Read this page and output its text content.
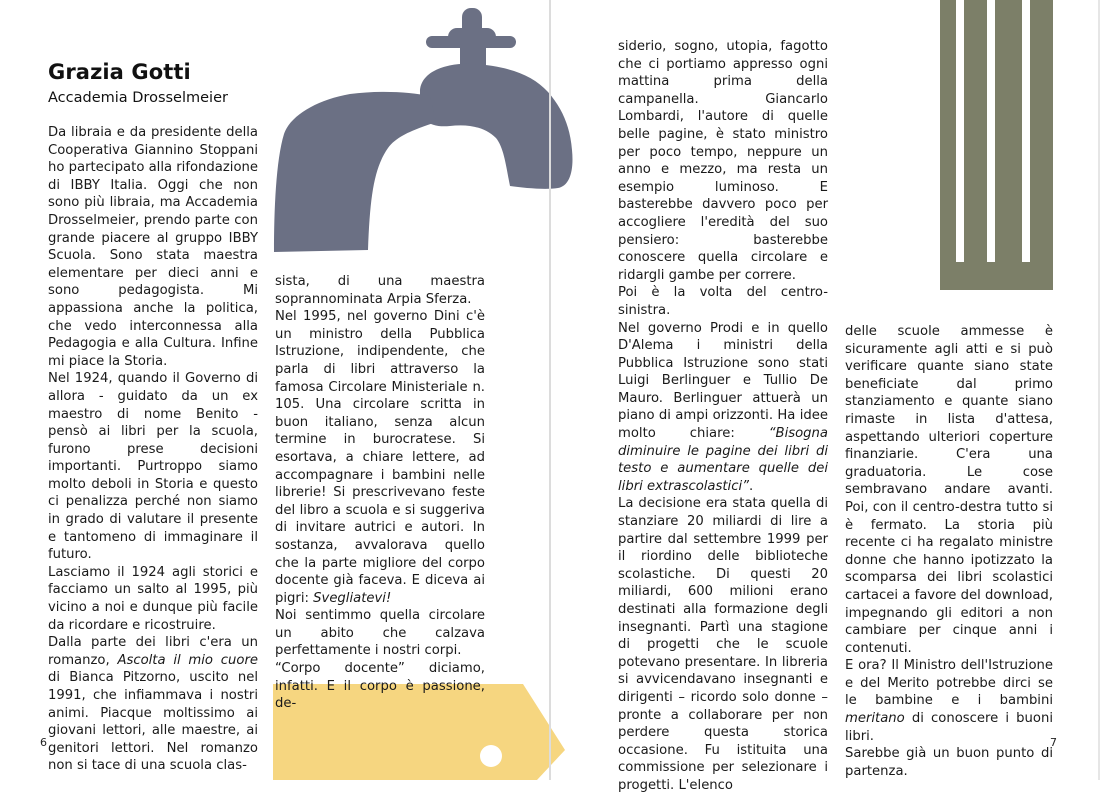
Grazia Gotti
Accademia Drosselmeier

Da libraia e da presidente della Cooperativa Giannino Stoppani ho partecipato alla rifondazione di IBBY Italia. Oggi che non sono più libraia, ma Accademia Drosselmeier, prendo parte con grande piacere al gruppo IBBY Scuola. Sono stata maestra elementare per dieci anni e sono pedagogista. Mi appassiona anche la politica, che vedo interconnessa alla Pedagogia e alla Cultura. Infine mi piace la Storia.

Nel 1924, quando il Governo di allora - guidato da un ex maestro di nome Benito - pensò ai libri per la scuola, furono prese decisioni importanti. Purtroppo siamo molto deboli in Storia e questo ci penalizza perché non siamo in grado di valutare il presente e tantomeno di immaginare il futuro.

Lasciamo il 1924 agli storici e facciamo un salto al 1995, più vicino a noi e dunque più facile da ricordare e ricostruire.

Dalla parte dei libri c'era un romanzo, Ascolta il mio cuore di Bianca Pitzorno, uscito nel 1991, che infiammava i nostri animi. Piacque moltissimo ai giovani lettori, alle maestre, ai genitori lettori. Nel romanzo non si tace di una scuola clas-

sista, di una maestra soprannominata Arpia Sferza.

Nel 1995, nel governo Dini c'è un ministro della Pubblica Istruzione, indipendente, che parla di libri attraverso la famosa Circolare Ministeriale n. 105. Una circolare scritta in buon italiano, senza alcun termine in burocratese. Si esortava, a chiare lettere, ad accompagnare i bambini nelle librerie! Si prescrivevano feste del libro a scuola e si suggeriva di invitare autrici e autori. In sostanza, avvalorava quello che la parte migliore del corpo docente già faceva. E diceva ai pigri: Svegliatevi!

Noi sentimmo quella circolare un abito che calzava perfettamente i nostri corpi.

“Corpo docente” diciamo, infatti. E il corpo è passione, de-

siderio, sogno, utopia, fagotto che ci portiamo appresso ogni mattina prima della campanella. Giancarlo Lombardi, l'autore di quelle belle pagine, è stato ministro per poco tempo, neppure un anno e mezzo, ma resta un esempio luminoso. E basterebbe davvero poco per accogliere l'eredità del suo pensiero: basterebbe conoscere quella circolare e ridargli gambe per correre.

Poi è la volta del centro-sinistra.

Nel governo Prodi e in quello D'Alema i ministri della Pubblica Istruzione sono stati Luigi Berlinguer e Tullio De Mauro. Berlinguer attuerà un piano di ampi orizzonti. Ha idee molto chiare: “Bisogna diminuire le pagine dei libri di testo e aumentare quelle dei libri extrascolastici”.

La decisione era stata quella di stanziare 20 miliardi di lire a partire dal settembre 1999 per il riordino delle biblioteche scolastiche. Di questi 20 miliardi, 600 milioni erano destinati alla formazione degli insegnanti. Partì una stagione di progetti che le scuole potevano presentare. In libreria si avvicendavano insegnanti e dirigenti – ricordo solo donne – pronte a collaborare per non perdere questa storica occasione. Fu istituita una commissione per selezionare i progetti. L'elenco

delle scuole ammesse è sicuramente agli atti e si può verificare quante siano state beneficiate dal primo stanziamento e quante siano rimaste in lista d'attesa, aspettando ulteriori coperture finanziarie. C'era una graduatoria. Le cose sembravano andare avanti. Poi, con il centro-destra tutto si è fermato. La storia più recente ci ha regalato ministre donne che hanno ipotizzato la scomparsa dei libri scolastici cartacei a favore del download, impegnando gli editori a non cambiare per cinque anni i contenuti.

E ora? Il Ministro dell'Istruzione e del Merito potrebbe dirci se le bambine e i bambini meritano di conoscere i buoni libri.

Sarebbe già un buon punto di partenza.

6	7
